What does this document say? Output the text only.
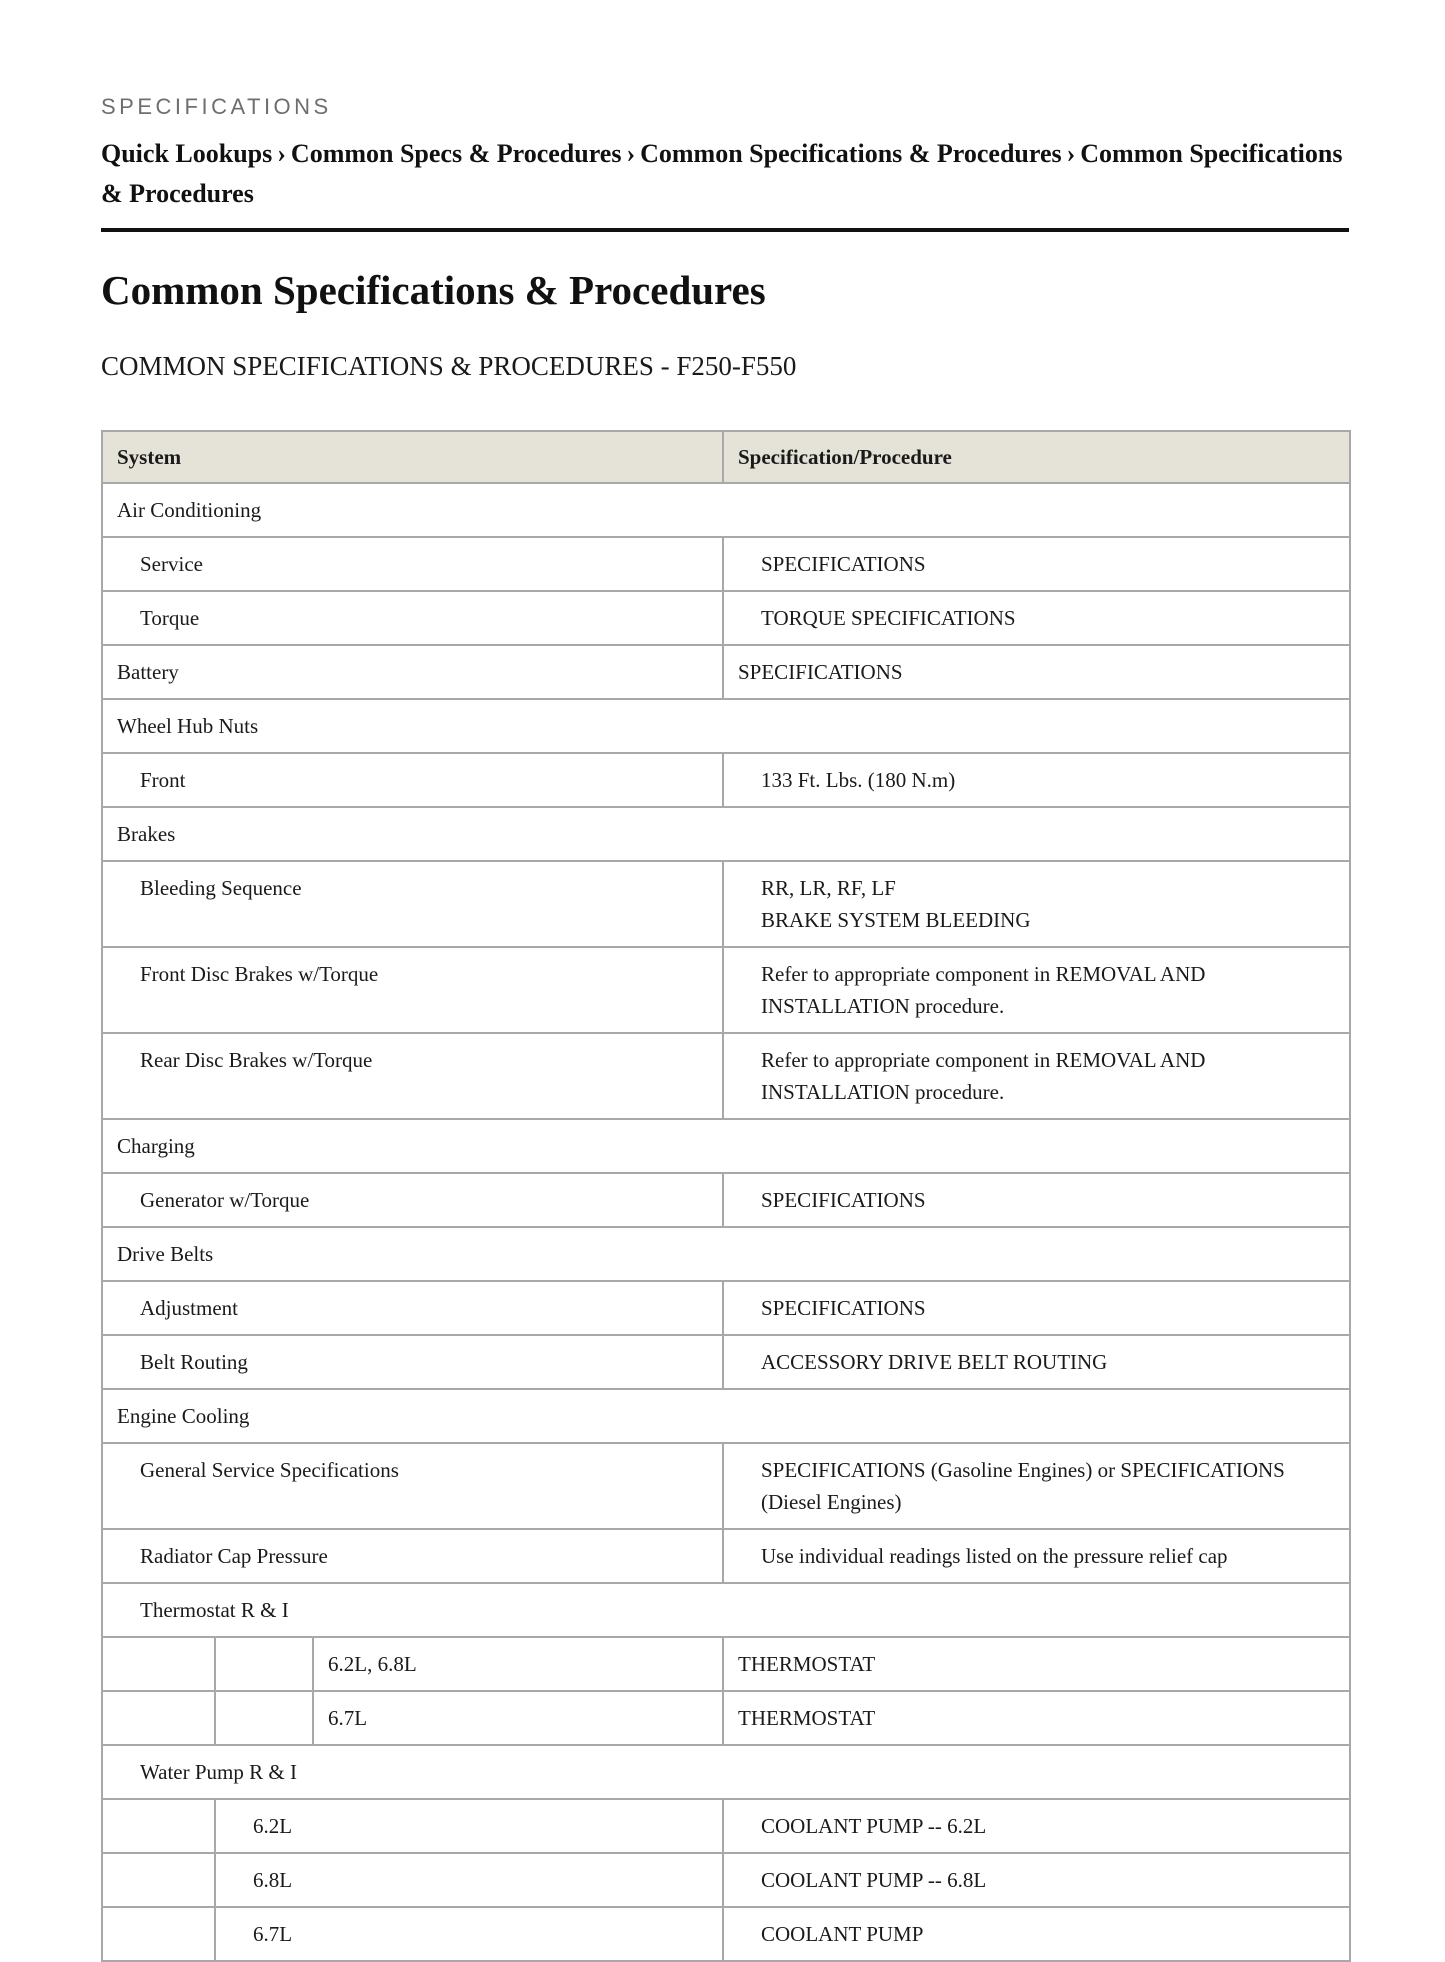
SPECIFICATIONS
Quick Lookups › Common Specs & Procedures › Common Specifications & Procedures › Common Specifications & Procedures
Common Specifications & Procedures
COMMON SPECIFICATIONS & PROCEDURES - F250-F550
System			Specification/Procedure
Air Conditioning			
Service			SPECIFICATIONS
Torque			TORQUE SPECIFICATIONS
Battery			SPECIFICATIONS
Wheel Hub Nuts			
Front			133 Ft. Lbs. (180 N.m)
Brakes			
Bleeding Sequence			RR, LR, RF, LF
BRAKE SYSTEM BLEEDING

Front Disc Brakes w/Torque			Refer to appropriate component in REMOVAL AND INSTALLATION procedure.
Rear Disc Brakes w/Torque			Refer to appropriate component in REMOVAL AND INSTALLATION procedure.
Charging			
Generator w/Torque			SPECIFICATIONS
Drive Belts			
Adjustment			SPECIFICATIONS
Belt Routing			ACCESSORY DRIVE BELT ROUTING
Engine Cooling			
General Service Specifications			SPECIFICATIONS (Gasoline Engines) or SPECIFICATIONS (Diesel Engines)
Radiator Cap Pressure			Use individual readings listed on the pressure relief cap
Thermostat R & I			
		6.2L, 6.8L	THERMOSTAT
		6.7L	THERMOSTAT
Water Pump R & I			
	6.2L		COOLANT PUMP -- 6.2L
	6.8L		COOLANT PUMP -- 6.8L
	6.7L		COOLANT PUMP
